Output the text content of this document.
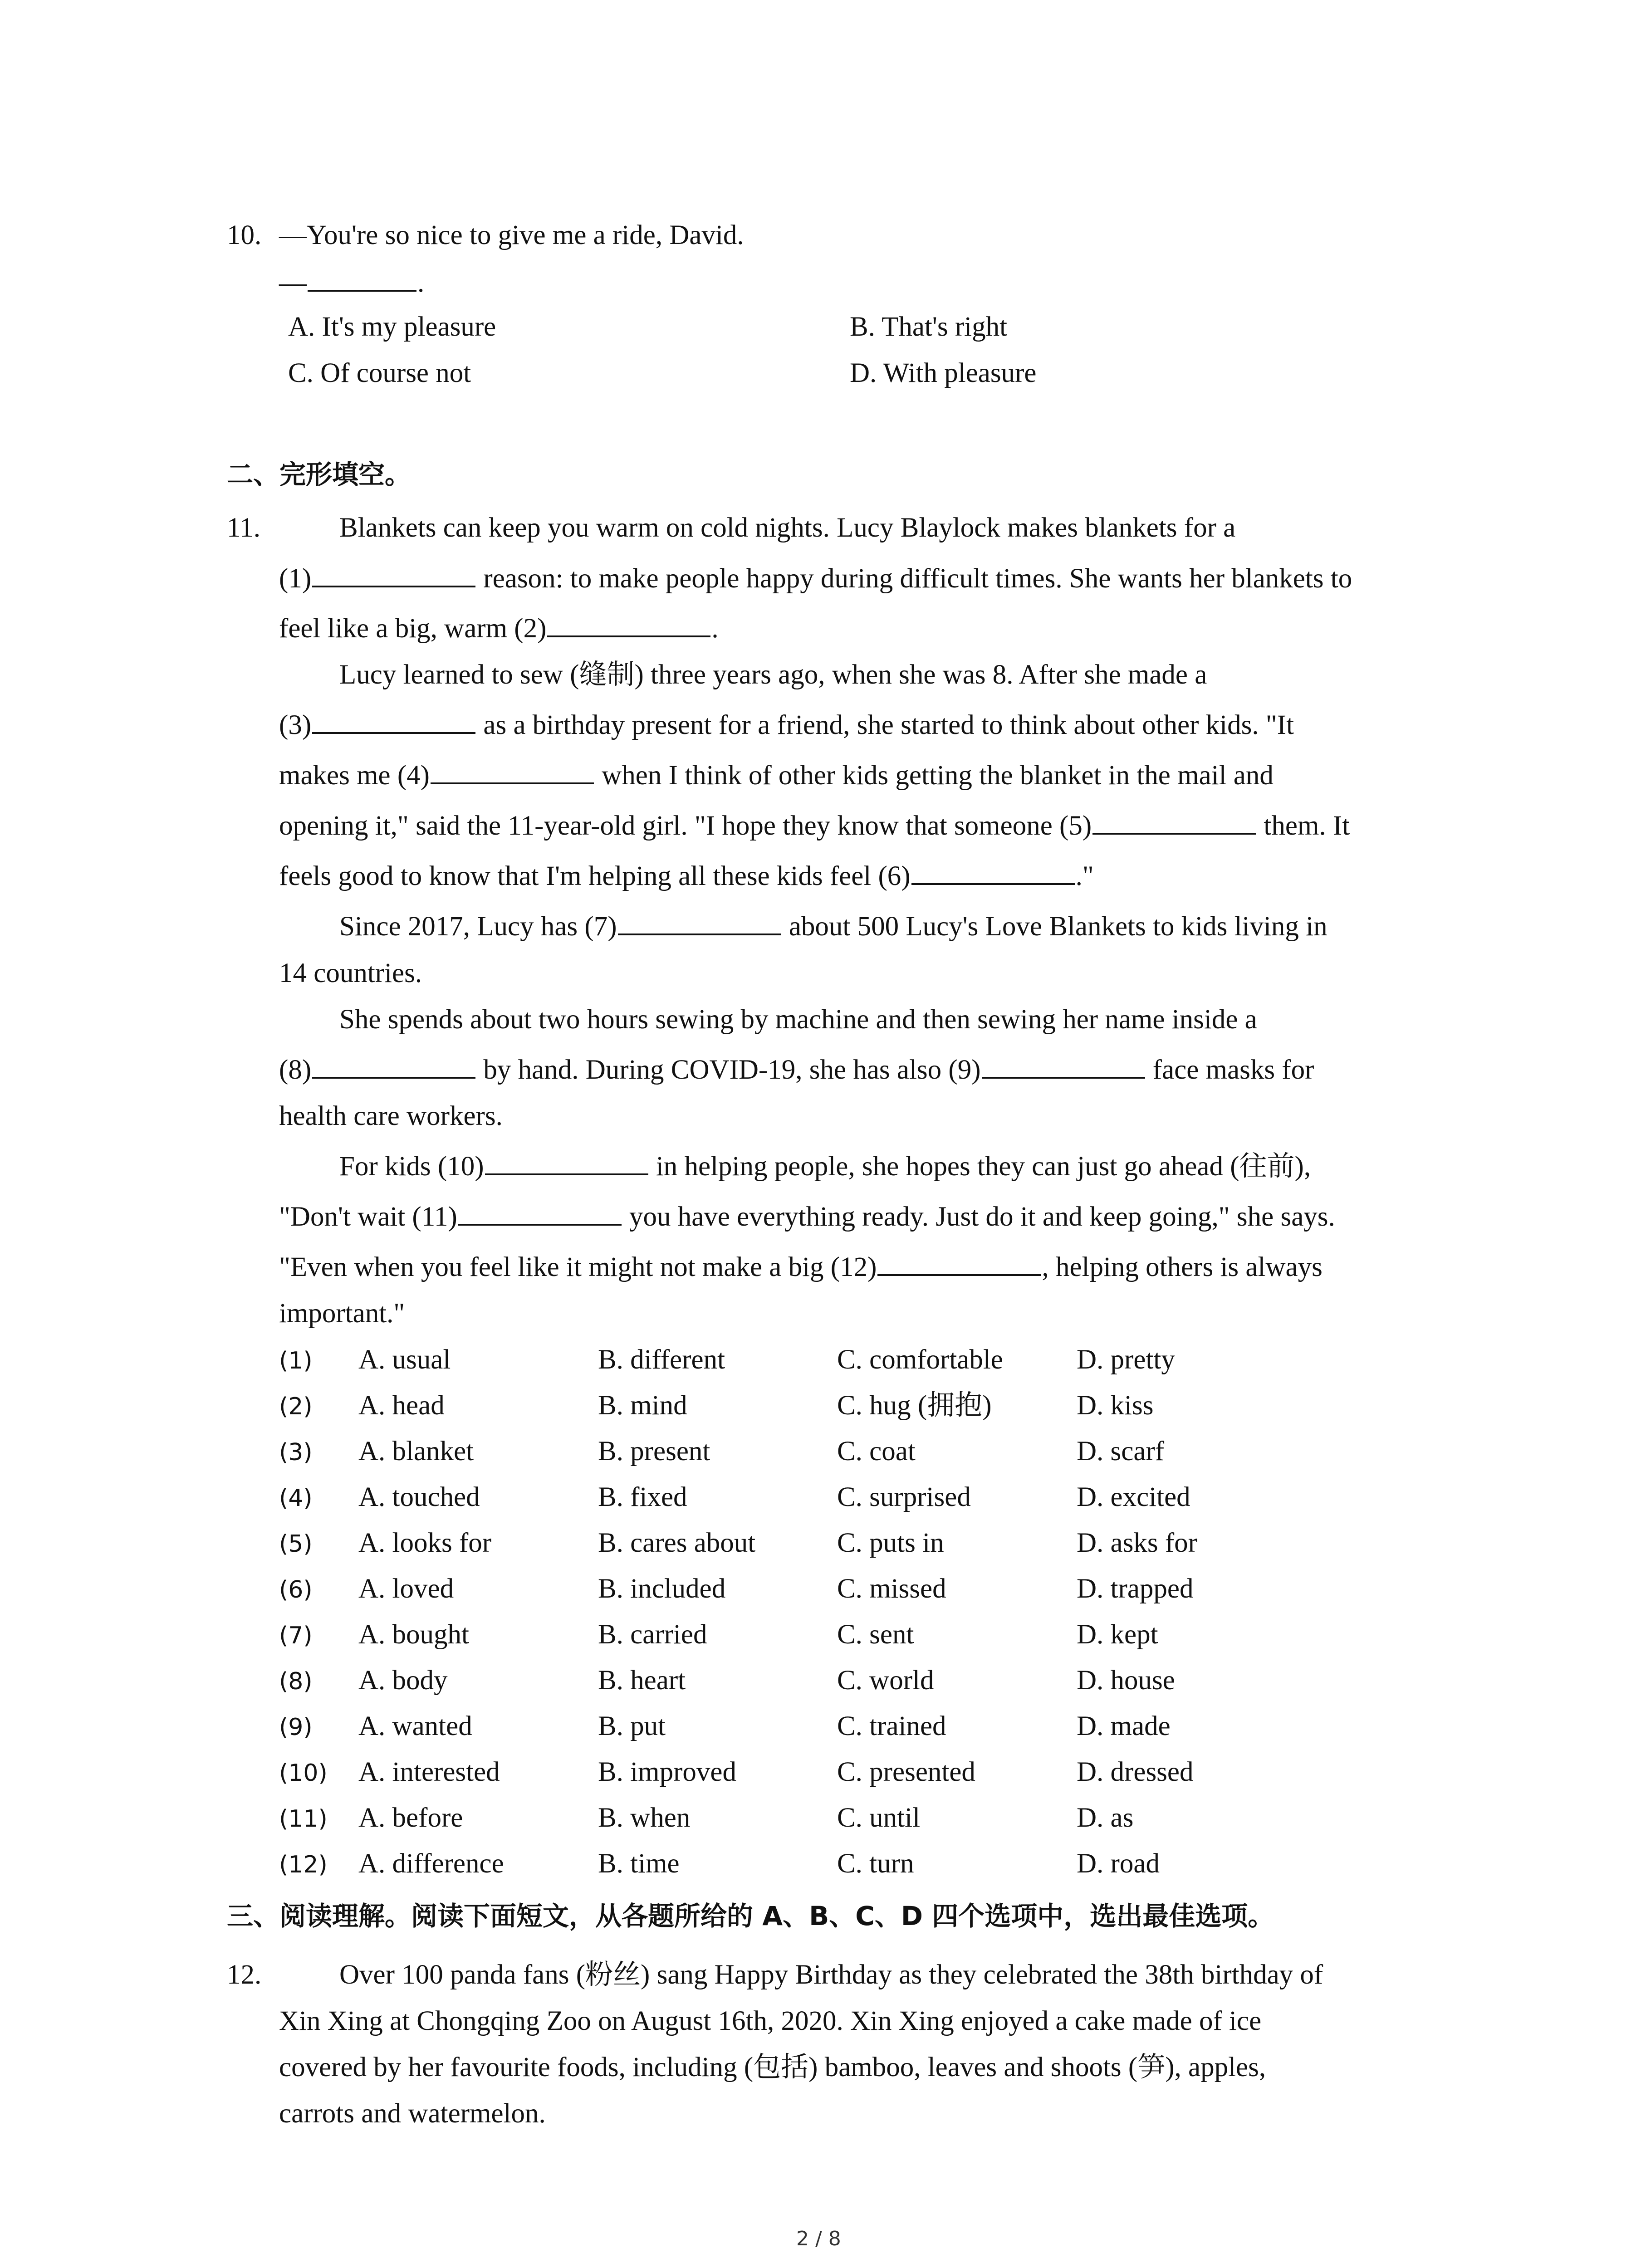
10. —You're so nice to give me a ride, David.
—	.
A. It's my pleasure	B. That's right
C. Of course not	D. With pleasure
二、完形填空。
11.	Blankets can keep you warm on cold nights. Lucy Blaylock makes blankets for a
(1)	reason: to make people happy during difficult times. She wants her blankets to
feel like a big, warm (2)	.
Lucy learned to sew (缝制) three years ago, when she was 8. After she made a
(3)	as a birthday present for a friend, she started to think about other kids. "It
makes me (4)	when I think of other kids getting the blanket in the mail and
opening it," said the 11-year-old girl. "I hope they know that someone (5)	them. It
feels good to know that I'm helping all these kids feel (6)	."
Since 2017, Lucy has (7)	about 500 Lucy's Love Blankets to kids living in
14 countries.
She spends about two hours sewing by machine and then sewing her name inside a
(8)	by hand. During COVID-19, she has also (9)	face masks for
health care workers.
For kids (10)	in helping people, she hopes they can just go ahead (往前),
"Don't wait (11)	you have everything ready. Just do it and keep going," she says.
"Even when you feel like it might not make a big (12)	, helping others is always
important."
(1) A. usual	B. different	C. comfortable	D. pretty
(2) A. head	B. mind	C. hug (拥抱)	D. kiss
(3) A. blanket	B. present	C. coat	D. scarf
(4) A. touched	B. fixed	C. surprised	D. excited
(5) A. looks for	B. cares about	C. puts in	D. asks for
(6) A. loved	B. included	C. missed	D. trapped
(7) A. bought	B. carried	C. sent	D. kept
(8) A. body	B. heart	C. world	D. house
(9) A. wanted	B. put	C. trained	D. made
(10) A. interested	B. improved	C. presented	D. dressed
(11) A. before	B. when	C. until	D. as
(12) A. difference	B. time	C. turn	D. road
三、阅读理解。阅读下面短文，从各题所给的 A、B、C、D 四个选项中，选出最佳选项。
12.	Over 100 panda fans (粉丝) sang Happy Birthday as they celebrated the 38th birthday of
Xin Xing at Chongqing Zoo on August 16th, 2020. Xin Xing enjoyed a cake made of ice
covered by her favourite foods, including (包括) bamboo, leaves and shoots (笋), apples,
carrots and watermelon.
2 / 8
